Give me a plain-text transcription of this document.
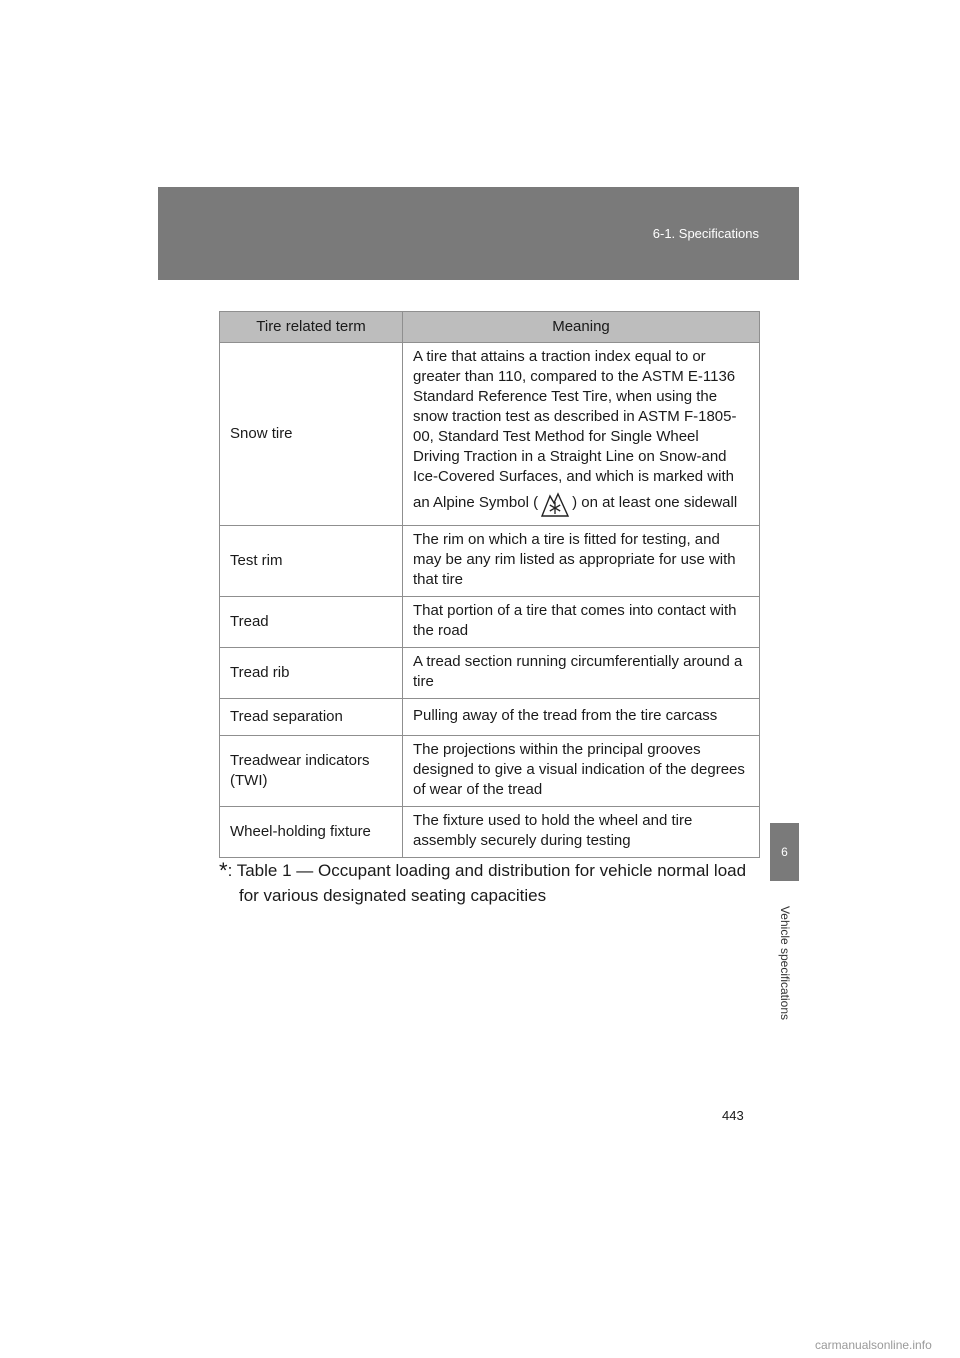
6-1. Specifications
6
Vehicle specifications
Tire related term	Meaning
Snow tire	A tire that attains a traction index equal to or greater than 110, compared to the ASTM E-1136 Standard Reference Test Tire, when using the snow traction test as described in ASTM F-1805-00, Standard Test Method for Single Wheel Driving Traction in a Straight Line on Snow-and Ice-Covered Surfaces, and which is marked with an Alpine Symbol ( ) on at least one sidewall
Test rim	The rim on which a tire is fitted for testing, and may be any rim listed as appropriate for use with that tire
Tread	That portion of a tire that comes into contact with the road
Tread rib	A tread section running circumferentially around a tire
Tread separation	Pulling away of the tread from the tire carcass
Treadwear indicators (TWI)	The projections within the principal grooves designed to give a visual indication of the degrees of wear of the tread
Wheel-holding fixture	The fixture used to hold the wheel and tire assembly securely during testing
*: Table 1 — Occupant loading and distribution for vehicle normal load
for various designated seating capacities
443
carmanualsonline.info
